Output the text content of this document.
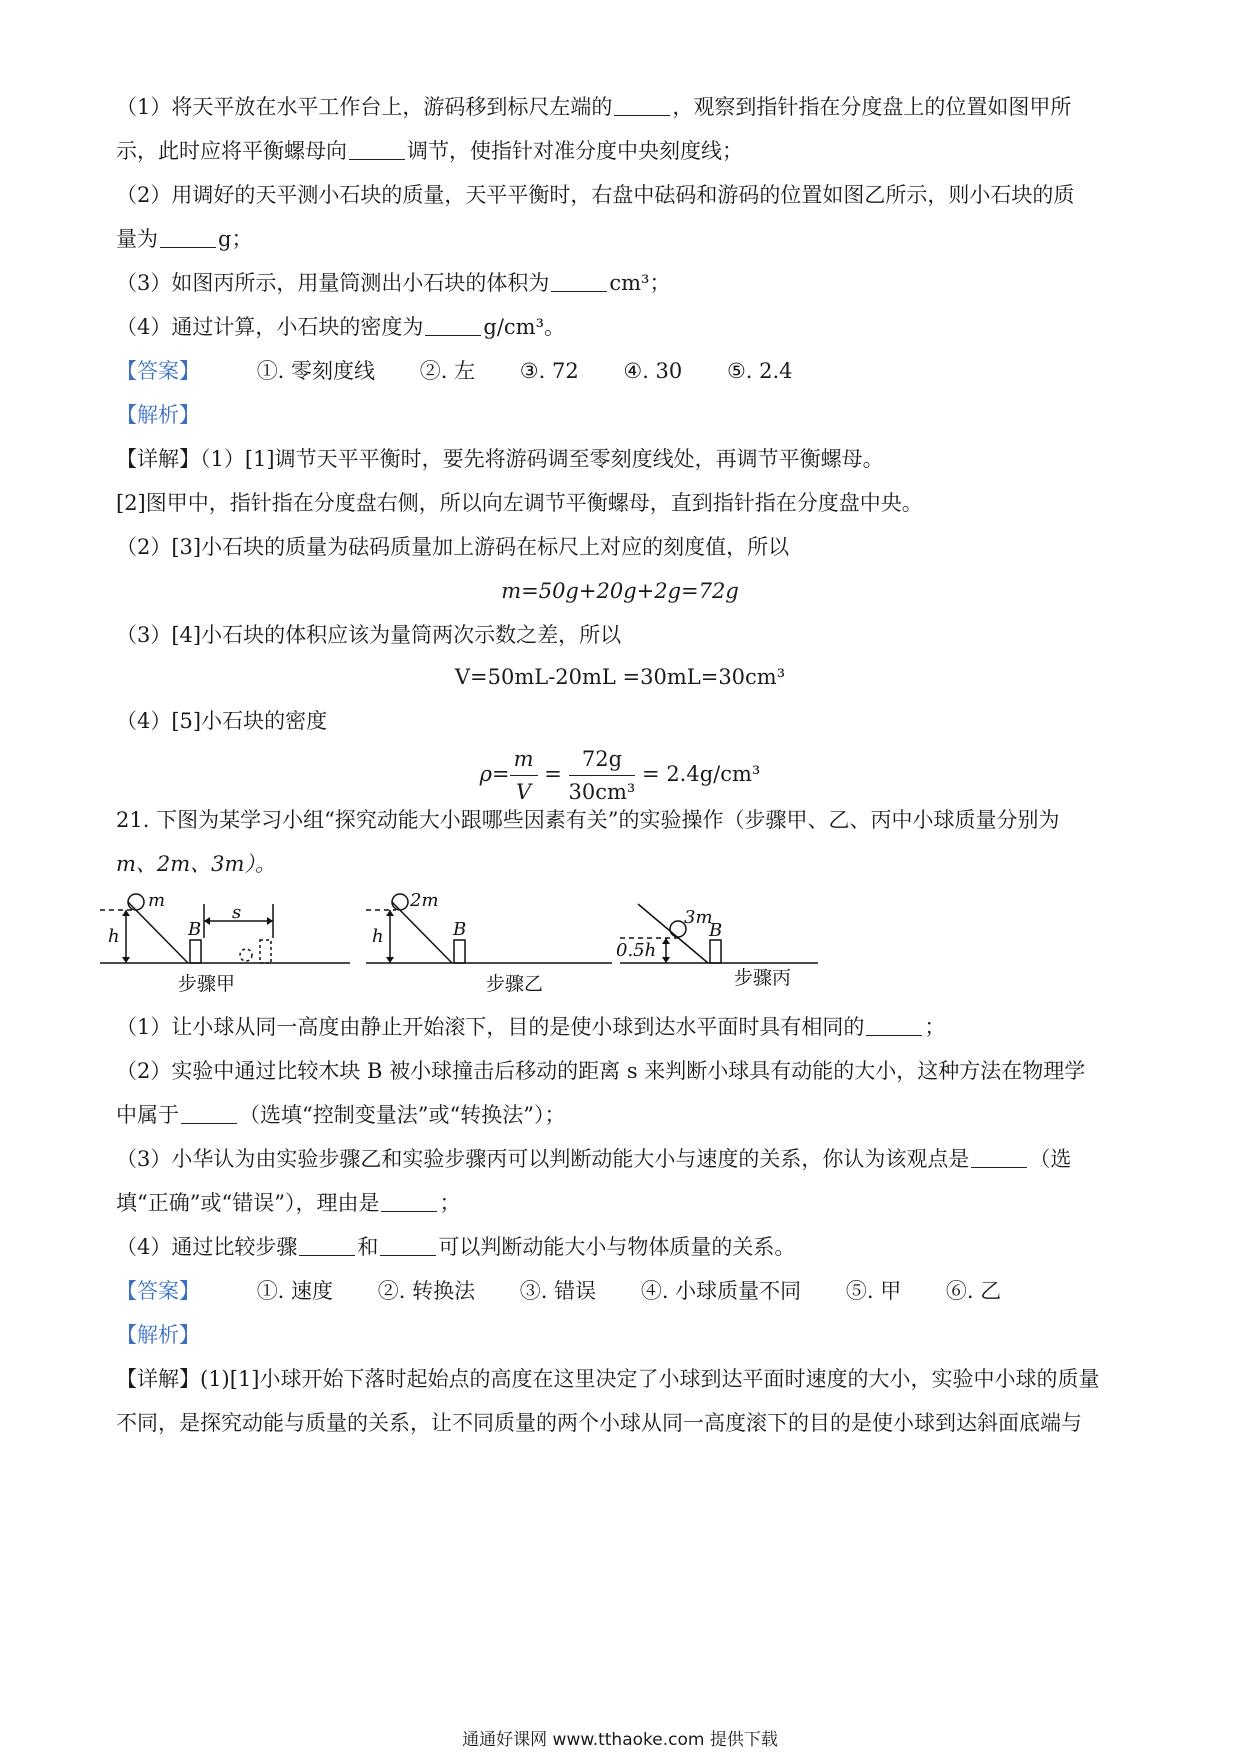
（1）将天平放在水平工作台上，游码移到标尺左端的	，观察到指针指在分度盘上的位置如图甲所
示，此时应将平衡螺母向	调节，使指针对准分度中央刻度线；
（2）用调好的天平测小石块的质量，天平平衡时，右盘中砝码和游码的位置如图乙所示，则小石块的质
量为	g；
（3）如图丙所示，用量筒测出小石块的体积为	cm³；
（4）通过计算，小石块的密度为	g/cm³。
【答案】	①. 零刻度线 ②. 左 ③. 72 ④. 30 ⑤. 2.4
【解析】
【详解】（1）[1]调节天平平衡时，要先将游码调至零刻度线处，再调节平衡螺母。
[2]图甲中，指针指在分度盘右侧，所以向左调节平衡螺母，直到指针指在分度盘中央。
（2）[3]小石块的质量为砝码质量加上游码在标尺上对应的刻度值，所以
m=50g+20g+2g=72g
（3）[4]小石块的体积应该为量筒两次示数之差，所以
V=50mL-20mL =30mL=30cm³
（4）[5]小石块的密度
$\rho= \frac{m}{V} = \frac{72g}{\text{30cm³}} = 2.4g/cm^3$
21. 下图为某学习小组“探究动能大小跟哪些因素有关”的实验操作（步骤甲、乙、丙中小球质量分别为
m、2m、3m）。
m
B
h
s
2m
B
h
3m
B
0.5h
步骤甲	步骤乙	步骤丙
（1）让小球从同一高度由静止开始滚下，目的是使小球到达水平面时具有相同的	；
（2）实验中通过比较木块 B 被小球撞击后移动的距离 s 来判断小球具有动能的大小，这种方法在物理学
中属于	（选填“控制变量法”或“转换法”）；
（3）小华认为由实验步骤乙和实验步骤丙可以判断动能大小与速度的关系，你认为该观点是	（选
填“正确”或“错误”），理由是	；
（4）通过比较步骤	和	可以判断动能大小与物体质量的关系。
【答案】	①. 速度 ②. 转换法 ③. 错误 ④. 小球质量不同 ⑤. 甲 ⑥. 乙
【解析】
【详解】(1)[1]小球开始下落时起始点的高度在这里决定了小球到达平面时速度的大小，实验中小球的质量
不同，是探究动能与质量的关系，让不同质量的两个小球从同一高度滚下的目的是使小球到达斜面底端与
通通好课网 www.tthaoke.com 提供下载
